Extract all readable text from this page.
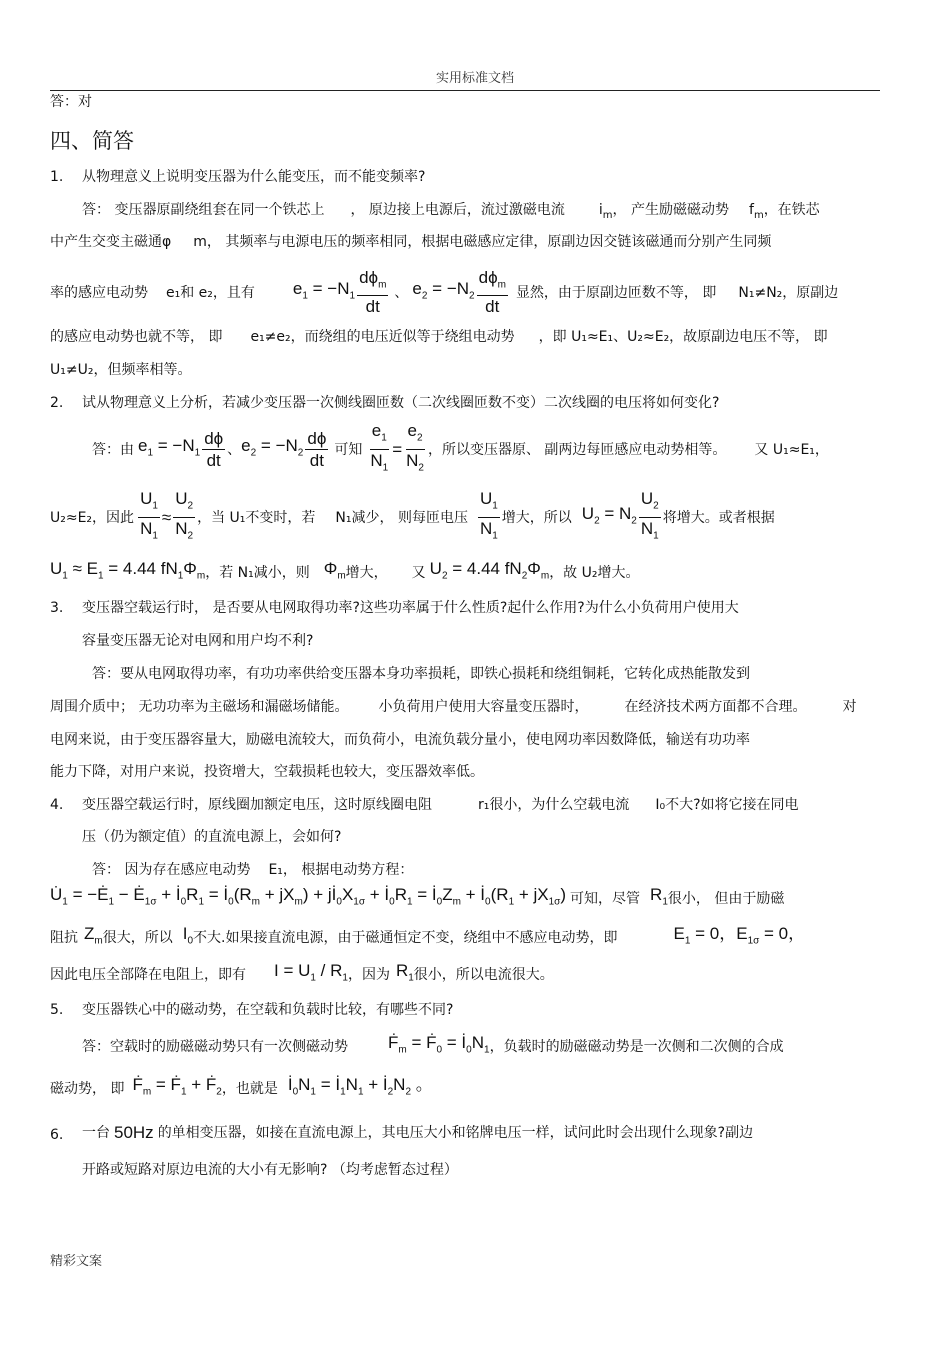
实用标准文档
答：对
四、简答
1. 从物理意义上说明变压器为什么能变压，而不能变频率?
答： 变压器原副绕组套在同一个铁芯上 ， 原边接上电源后，流过激磁电流 $i_m$， 产生励磁磁动势 $f_m$，在铁芯
中产生交变主磁通φ m， 其频率与电源电压的频率相同，根据电磁感应定律，原副边因交链该磁通而分别产生同频
率的感应电动势 e₁和 e₂，且有 $e_1 = -N_1 \frac{d\phi_m}{dt}$ 、 $e_2 = -N_2 \frac{d\phi_m}{dt}$ 显然，由于原副边匝数不等， 即 N₁≠N₂，原副边
的感应电动势也就不等， 即 e₁≠e₂，而绕组的电压近似等于绕组电动势 ，即 U₁≈E₁、U₂≈E₂，故原副边电压不等， 即
U₁≠U₂，但频率相等。
2. 试从物理意义上分析，若减少变压器一次侧线圈匝数（二次线圈匝数不变）二次线圈的电压将如何变化?
答：由 $e_1 = -N_1 \frac{d\phi}{dt}$ 、 $e_2 = -N_2 \frac{d\phi}{dt}$ 可知 $\frac{e_1}{N_1} = \frac{e_2}{N_2}$ ，所以变压器原、 副两边每匝感应电动势相等。 又 U₁≈E₁，
U₂≈E₂，因此 $\frac{U_1}{N_1} \approx \frac{U_2}{N_2}$ ，当 U₁不变时，若 N₁减少， 则每匝电压 $\frac{U_1}{N_1}$ 增大，所以 $U_2 = N_2 \frac{U_2}{N_1}$ 将增大。或者根据
$U_1 \approx E_1 = 4.44$ $fN_1\Phi_m$ ，若 N₁减小，则 $\Phi_m$ 增大， 又 $U_2 = 4.44$ $fN_2\Phi_m$ ，故 U₂增大。
3. 变压器空载运行时， 是否要从电网取得功率?这些功率属于什么性质?起什么作用?为什么小负荷用户使用大
容量变压器无论对电网和用户均不利?
答：要从电网取得功率，有功功率供给变压器本身功率损耗，即铁心损耗和绕组铜耗，它转化成热能散发到
周围介质中； 无功功率为主磁场和漏磁场储能。 小负荷用户使用大容量变压器时，	在经济技术两方面都不合理。	对
电网来说，由于变压器容量大，励磁电流较大，而负荷小，电流负载分量小，使电网功率因数降低，输送有功功率
能力下降，对用户来说，投资增大，空载损耗也较大，变压器效率低。
4. 变压器空载运行时，原线圈加额定电压，这时原线圈电阻	r₁很小，为什么空载电流 I₀不大?如将它接在同电
压（仍为额定值）的直流电源上，会如何?
答： 因为存在感应电动势 E₁， 根据电动势方程：
$U̇_1$ = $-Ė_1$ − $Ė_{1\sigma}$ + $İ_0R_1$ = $İ_0(R_m + jX_m)$ + $jİ_0X_{1\sigma}$ + $İ_0R_1$ = $İ_0Z_m$ + $İ_0(R_1 + jX_{1\sigma})$ 可知，尽管 $R_1$ 很小， 但由于励磁
阻抗 $Z_m$ 很大，所以 $I_0$ 不大.如果接直流电源，由于磁通恒定不变，绕组中不感应电动势，即	$E_1 = 0$，$E_{1\sigma} = 0$，
因此电压全部降在电阻上，即有 $I = U_1 / R_1$ ，因为 $R_1$ 很小，所以电流很大。
5. 变压器铁心中的磁动势，在空载和负载时比较，有哪些不同?
答：空载时的励磁磁动势只有一次侧磁动势 Ḟ$_m$ = Ḟ$_0$ = $İ_0N_1$ ，负载时的励磁磁动势是一次侧和二次侧的合成
磁动势， 即 Ḟ$_m$ = Ḟ$_1$ + Ḟ$_2$ ，也就是 $İ_0N_1$ = $İ_1N_1$ + $İ_2N_2$ 。
6. 一台 50Hz 的单相变压器，如接在直流电源上，其电压大小和铭牌电压一样，试问此时会出现什么现象?副边
开路或短路对原边电流的大小有无影响? （均考虑暂态过程）
精彩文案
